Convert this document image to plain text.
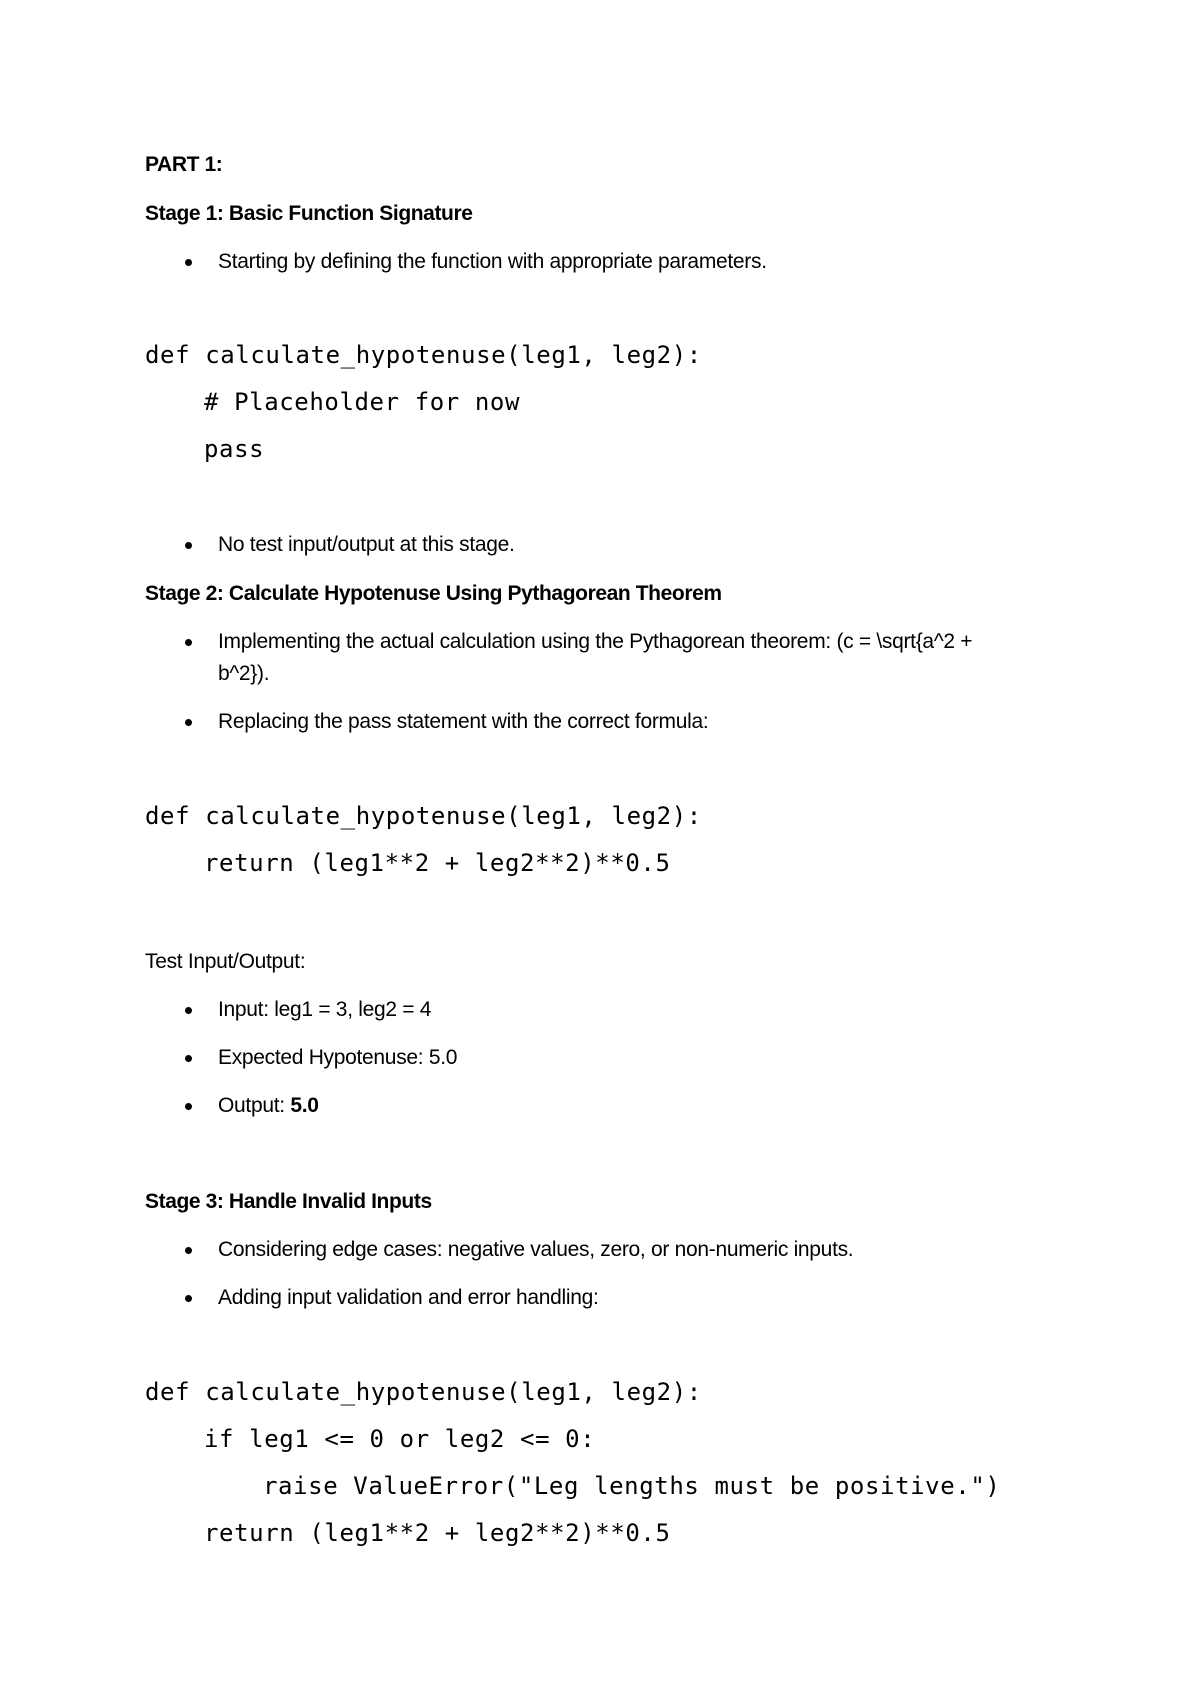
PART 1:
Stage 1: Basic Function Signature
Starting by defining the function with appropriate parameters.
def calculate_hypotenuse(leg1, leg2):
# Placeholder for now
pass
No test input/output at this stage.
Stage 2: Calculate Hypotenuse Using Pythagorean Theorem
Implementing the actual calculation using the Pythagorean theorem: (c = \sqrt{a^2 +
b^2}).
Replacing the pass statement with the correct formula:
def calculate_hypotenuse(leg1, leg2):
return (leg1**2 + leg2**2)**0.5
Test Input/Output:
Input: leg1 = 3, leg2 = 4
Expected Hypotenuse: 5.0
Output: 5.0
Stage 3: Handle Invalid Inputs
Considering edge cases: negative values, zero, or non-numeric inputs.
Adding input validation and error handling:
def calculate_hypotenuse(leg1, leg2):
if leg1 <= 0 or leg2 <= 0:
raise ValueError("Leg lengths must be positive.")
return (leg1**2 + leg2**2)**0.5
